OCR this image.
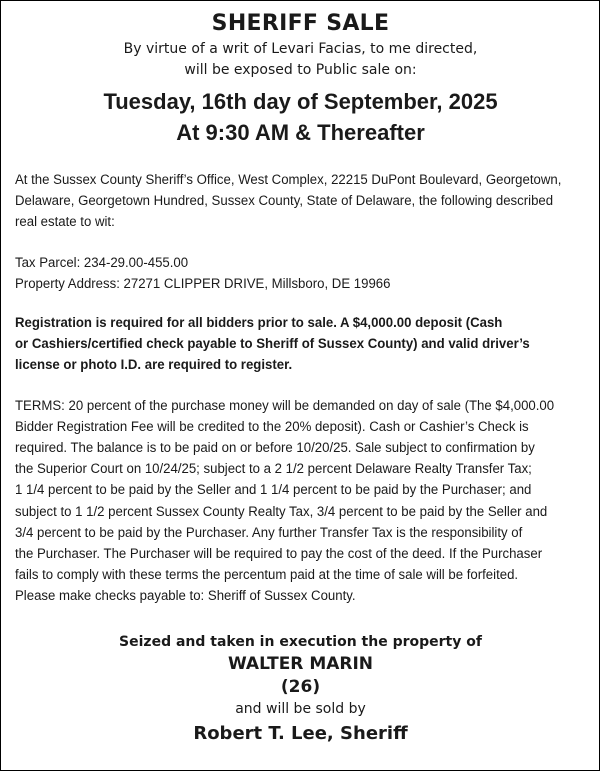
SHERIFF SALE
By virtue of a writ of Levari Facias, to me directed,
will be exposed to Public sale on:
Tuesday, 16th day of September, 2025
At 9:30 AM & Thereafter
At the Sussex County Sheriff’s Office, West Complex, 22215 DuPont Boulevard, Georgetown,
Delaware, Georgetown Hundred, Sussex County, State of Delaware, the following described
real estate to wit:
Tax Parcel: 234-29.00-455.00
Property Address: 27271 CLIPPER DRIVE, Millsboro, DE 19966
Registration is required for all bidders prior to sale. A $4,000.00 deposit (Cash
or Cashiers/certified check payable to Sheriff of Sussex County) and valid driver’s
license or photo I.D. are required to register.
TERMS: 20 percent of the purchase money will be demanded on day of sale (The $4,000.00
Bidder Registration Fee will be credited to the 20% deposit). Cash or Cashier’s Check is
required. The balance is to be paid on or before 10/20/25. Sale subject to confirmation by
the Superior Court on 10/24/25; subject to a 2 1/2 percent Delaware Realty Transfer Tax;
1 1/4 percent to be paid by the Seller and 1 1/4 percent to be paid by the Purchaser; and
subject to 1 1/2 percent Sussex County Realty Tax, 3/4 percent to be paid by the Seller and
3/4 percent to be paid by the Purchaser. Any further Transfer Tax is the responsibility of
the Purchaser. The Purchaser will be required to pay the cost of the deed. If the Purchaser
fails to comply with these terms the percentum paid at the time of sale will be forfeited.
Please make checks payable to: Sheriff of Sussex County.
Seized and taken in execution the property of
WALTER MARIN
(26)
and will be sold by
Robert T. Lee, Sheriff
